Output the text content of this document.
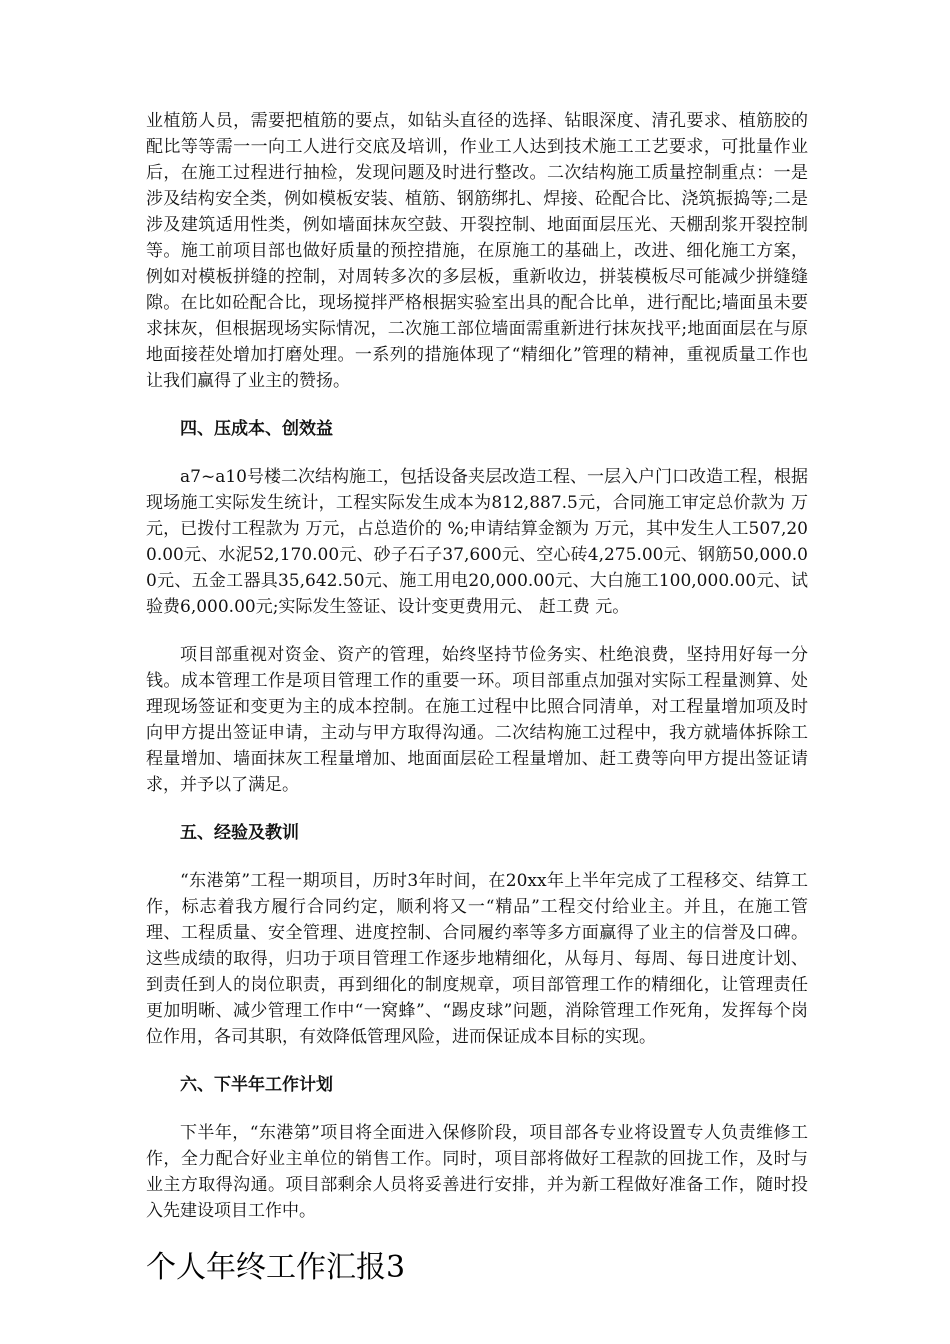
业植筋人员，需要把植筋的要点，如钻头直径的选择、钻眼深度、清孔要求、植筋胶的配比等等需一一向工人进行交底及培训，作业工人达到技术施工工艺要求，可批量作业后，在施工过程进行抽检，发现问题及时进行整改。二次结构施工质量控制重点：一是涉及结构安全类，例如模板安装、植筋、钢筋绑扎、焊接、砼配合比、浇筑振捣等;二是涉及建筑适用性类，例如墙面抹灰空鼓、开裂控制、地面面层压光、天棚刮浆开裂控制等。施工前项目部也做好质量的预控措施，在原施工的基础上，改进、细化施工方案，例如对模板拼缝的控制，对周转多次的多层板，重新收边，拼装模板尽可能减少拼缝缝隙。在比如砼配合比，现场搅拌严格根据实验室出具的配合比单，进行配比;墙面虽未要求抹灰，但根据现场实际情况，二次施工部位墙面需重新进行抹灰找平;地面面层在与原地面接茬处增加打磨处理。一系列的措施体现了“精细化”管理的精神，重视质量工作也让我们赢得了业主的赞扬。

四、压成本、创效益

a7~a10号楼二次结构施工，包括设备夹层改造工程、一层入户门口改造工程，根据现场施工实际发生统计，工程实际发生成本为812,887.5元，合同施工审定总价款为 万元，已拨付工程款为 万元，占总造价的 %;申请结算金额为 万元，其中发生人工507,200.00元、水泥52,170.00元、砂子石子37,600元、空心砖4,275.00元、钢筋50,000.00元、五金工器具35,642.50元、施工用电20,000.00元、大白施工100,000.00元、试验费6,000.00元;实际发生签证、设计变更费用元、 赶工费 元。

项目部重视对资金、资产的管理，始终坚持节俭务实、杜绝浪费，坚持用好每一分钱。成本管理工作是项目管理工作的重要一环。项目部重点加强对实际工程量测算、处理现场签证和变更为主的成本控制。在施工过程中比照合同清单，对工程量增加项及时向甲方提出签证申请，主动与甲方取得沟通。二次结构施工过程中，我方就墙体拆除工程量增加、墙面抹灰工程量增加、地面面层砼工程量增加、赶工费等向甲方提出签证请求，并予以了满足。

五、经验及教训

“东港第”工程一期项目，历时3年时间，在20xx年上半年完成了工程移交、结算工作，标志着我方履行合同约定，顺利将又一“精品”工程交付给业主。并且，在施工管理、工程质量、安全管理、进度控制、合同履约率等多方面赢得了业主的信誉及口碑。这些成绩的取得，归功于项目管理工作逐步地精细化，从每月、每周、每日进度计划、到责任到人的岗位职责，再到细化的制度规章，项目部管理工作的精细化，让管理责任更加明晰、减少管理工作中“一窝蜂”、“踢皮球”问题，消除管理工作死角，发挥每个岗位作用，各司其职，有效降低管理风险，进而保证成本目标的实现。

六、下半年工作计划

下半年，“东港第”项目将全面进入保修阶段，项目部各专业将设置专人负责维修工作，全力配合好业主单位的销售工作。同时，项目部将做好工程款的回拢工作，及时与业主方取得沟通。项目部剩余人员将妥善进行安排，并为新工程做好准备工作，随时投入先建设项目工作中。

个人年终工作汇报3
